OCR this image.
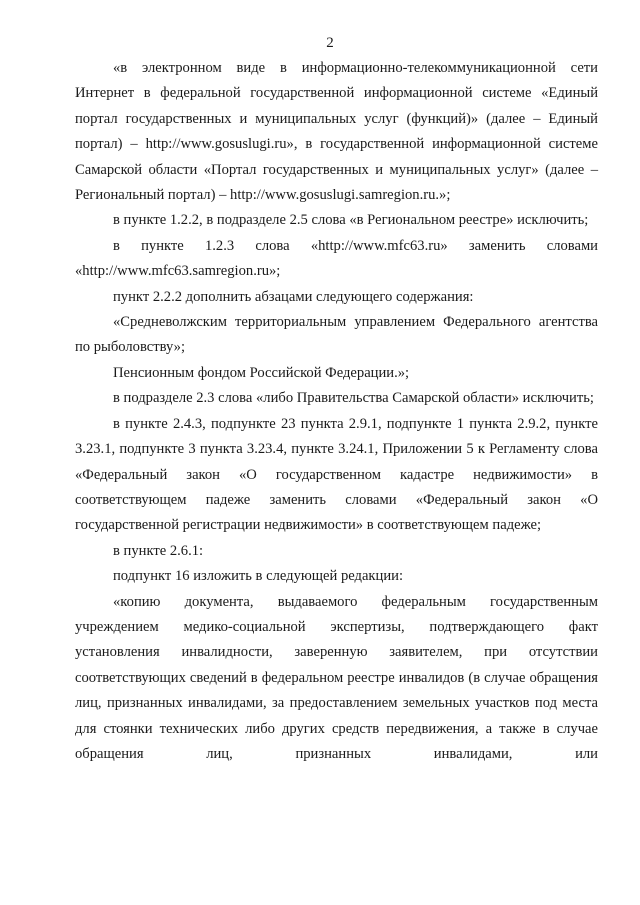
2

«в электронном виде в информационно-телекоммуникационной сети Интернет в федеральной государственной информационной системе «Единый портал государственных и муниципальных услуг (функций)» (далее – Единый портал) – http://www.gosuslugi.ru», в государственной информационной системе Самарской области «Портал государственных и муниципальных услуг» (далее – Региональный портал) – http://www.gosuslugi.samregion.ru.»;

в пункте 1.2.2, в подразделе 2.5 слова «в Региональном реестре» исключить;

в пункте 1.2.3 слова «http://www.mfc63.ru» заменить словами «http://www.mfc63.samregion.ru»;

пункт 2.2.2 дополнить абзацами следующего содержания:

«Средневолжским территориальным управлением Федерального агентства по рыболовству»;

Пенсионным фондом Российской Федерации.»;

в подразделе 2.3 слова «либо Правительства Самарской области» исключить;

в пункте 2.4.3, подпункте 23 пункта 2.9.1, подпункте 1 пункта 2.9.2, пункте 3.23.1, подпункте 3 пункта 3.23.4, пункте 3.24.1, Приложении 5 к Регламенту слова «Федеральный закон «О государственном кадастре недвижимости» в соответствующем падеже заменить словами «Федеральный закон «О государственной регистрации недвижимости» в соответствующем падеже;

в пункте 2.6.1:

подпункт 16 изложить в следующей редакции:

«копию документа, выдаваемого федеральным государственным учреждением медико-социальной экспертизы, подтверждающего факт установления инвалидности, заверенную заявителем, при отсутствии соответствующих сведений в федеральном реестре инвалидов (в случае обращения лиц, признанных инвалидами, за предоставлением земельных участков под места для стоянки технических либо других средств передвижения, а также в случае обращения лиц, признанных инвалидами, или
